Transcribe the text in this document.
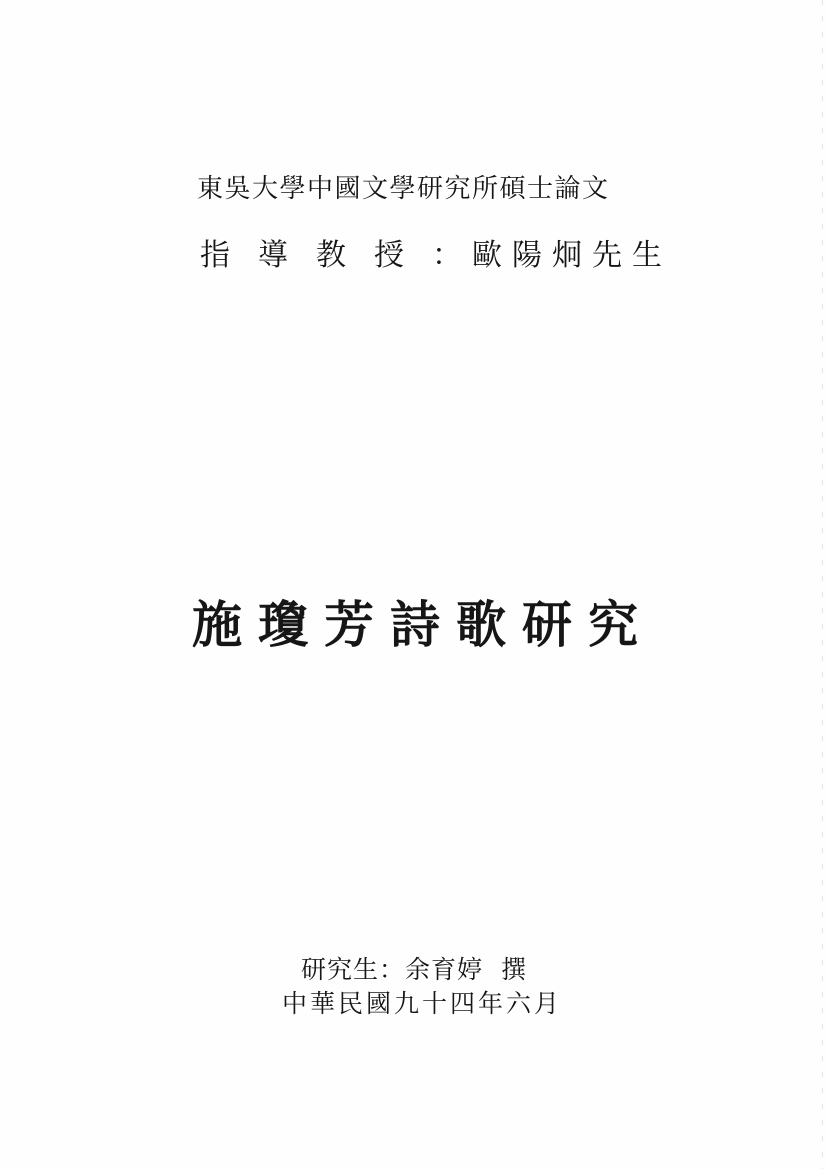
東吳大學中國文學研究所碩士論文
指導教授：歐陽炯先生
施瓊芳詩歌研究
研究生：余育婷 撰
中華民國九十四年六月
